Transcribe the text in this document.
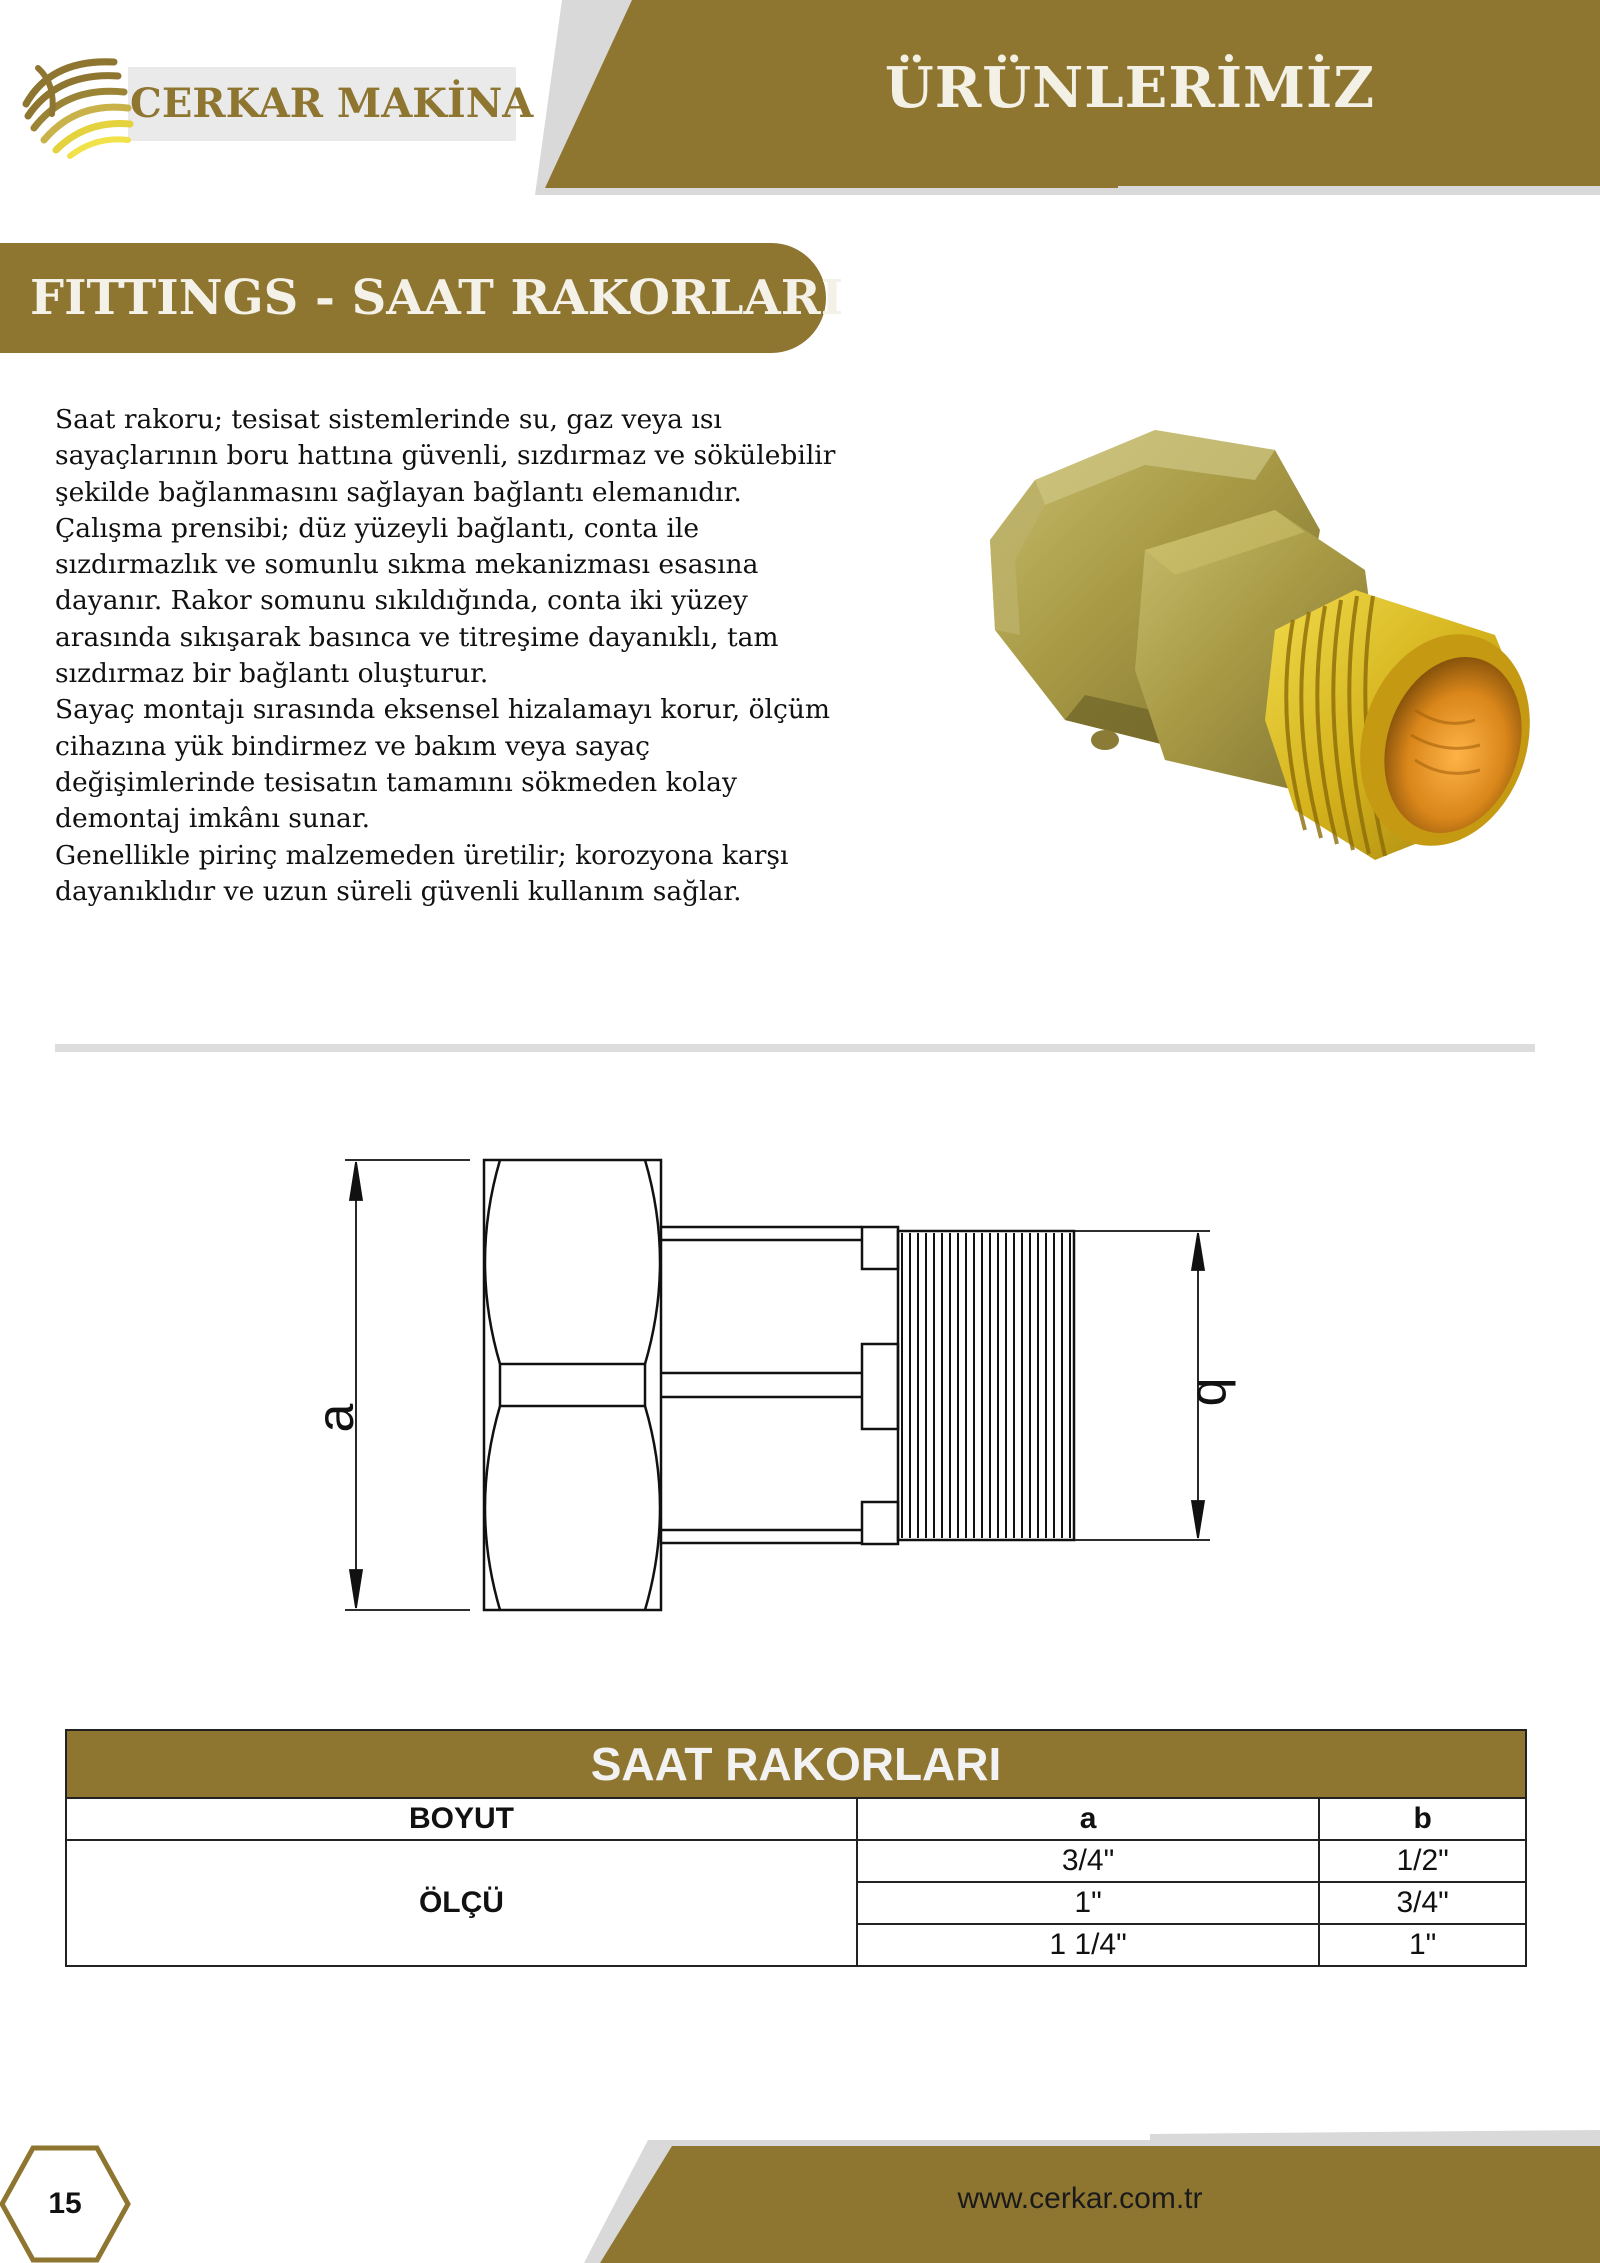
CERKAR MAKİNA	ÜRÜNLERİMİZ
FITTINGS - SAAT RAKORLARI

Saat rakoru; tesisat sistemlerinde su, gaz veya ısı sayaçlarının boru hattına güvenli, sızdırmaz ve sökülebilir şekilde bağlanmasını sağlayan bağlantı elemanıdır.

Çalışma prensibi; düz yüzeyli bağlantı, conta ile sızdırmazlık ve somunlu sıkma mekanizması esasına dayanır. Rakor somunu sıkıldığında, conta iki yüzey arasında sıkışarak basınca ve titreşime dayanıklı, tam sızdırmaz bir bağlantı oluşturur.

Sayaç montajı sırasında eksensel hizalamayı korur, ölçüm cihazına yük bindirmez ve bakım veya sayaç değişimlerinde tesisatın tamamını sökmeden kolay demontaj imkânı sunar.

Genellikle pirinç malzemeden üretilir; korozyona karşı dayanıklıdır ve uzun süreli güvenli kullanım sağlar.

a
b
SAAT RAKORLARI		
BOYUT	a	b
ÖLÇÜ	3/4"	1/2"
	1"	3/4"
	1 1/4"	1"
15	www.cerkar.com.tr
